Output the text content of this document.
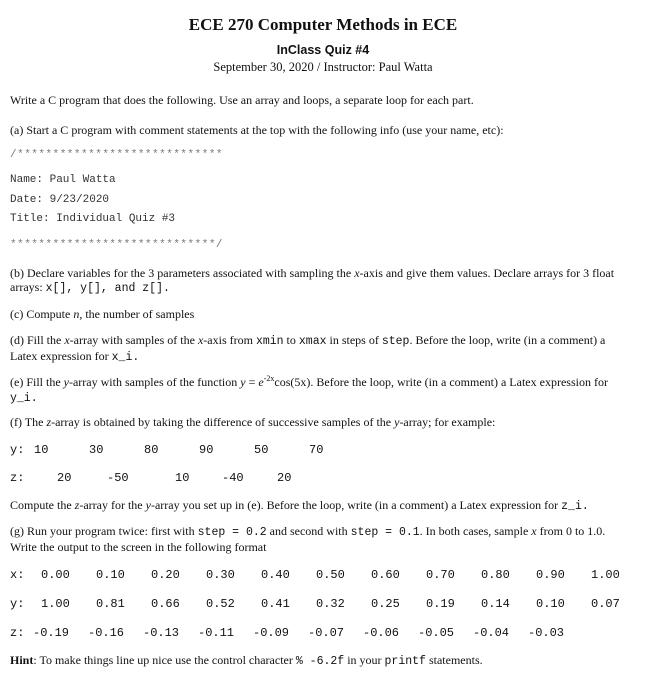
ECE 270 Computer Methods in ECE
InClass Quiz #4
September 30, 2020 / Instructor: Paul Watta
Write a C program that does the following. Use an array and loops, a separate loop for each part.
(a) Start a C program with comment statements at the top with the following info (use your name, etc):
/*****************************
Name: Paul Watta
Date: 9/23/2020
Title: Individual Quiz #3
*****************************/
(b) Declare variables for the 3 parameters associated with sampling the x-axis and give them values. Declare arrays for 3 float arrays: x[], y[], and z[].
(c) Compute n, the number of samples
(d) Fill the x-array with samples of the x-axis from xmin to xmax in steps of step. Before the loop, write (in a comment) a Latex expression for x_i.
(e) Fill the y-array with samples of the function $y = e^{-2x}\cos(5x)$. Before the loop, write (in a comment) a Latex expression for y_i.
(f) The z-array is obtained by taking the difference of successive samples of the y-array; for example:
y: 10	30	80	90	50	70
z:	20	-50	10	-40	20
Compute the z-array for the y-array you set up in (e). Before the loop, write (in a comment) a Latex expression for z_i.
(g) Run your program twice: first with step = 0.2 and second with step = 0.1. In both cases, sample x from 0 to 1.0.
Write the output to the screen in the following format
x: 0.00 0.10 0.20 0.30 0.40 0.50 0.60 0.70 0.80 0.90 1.00
y: 1.00 0.81 0.66 0.52 0.41 0.32 0.25 0.19 0.14 0.10 0.07
z: -0.19 -0.16 -0.13 -0.11 -0.09 -0.07 -0.06 -0.05 -0.04 -0.03
Hint: To make things line up nice use the control character % -6.2f in your printf statements.
